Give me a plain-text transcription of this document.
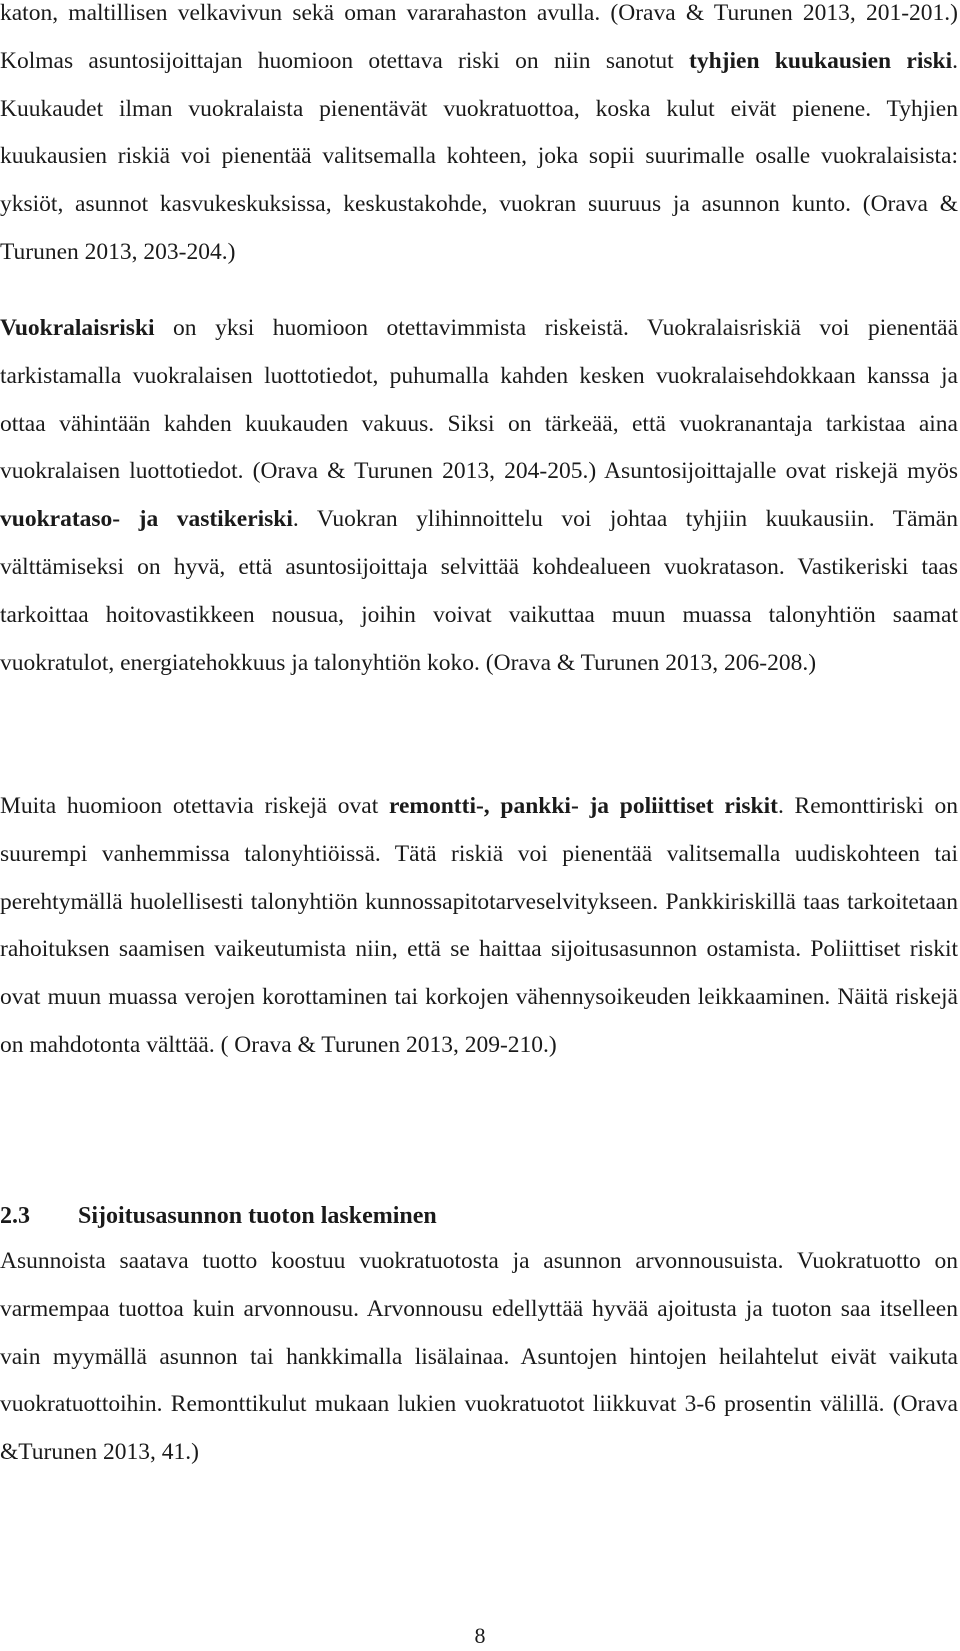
katon, maltillisen velkavivun sekä oman vararahaston avulla. (Orava & Turunen 2013, 201-201.) Kolmas asuntosijoittajan huomioon otettava riski on niin sanotut tyhjien kuukausien riski. Kuukaudet ilman vuokralaista pienentävät vuokratuottoa, koska kulut eivät pienene. Tyhjien kuukausien riskiä voi pienentää valitsemalla kohteen, joka sopii suurimalle osalle vuokralaisista: yksiöt, asunnot kasvukeskuksissa, keskustakohde, vuokran suuruus ja asunnon kunto. (Orava & Turunen 2013, 203-204.)

Vuokralaisriski on yksi huomioon otettavimmista riskeistä. Vuokralaisriskiä voi pienentää tarkistamalla vuokralaisen luottotiedot, puhumalla kahden kesken vuokralaisehdokkaan kanssa ja ottaa vähintään kahden kuukauden vakuus. Siksi on tärkeää, että vuokranantaja tarkistaa aina vuokralaisen luottotiedot. (Orava & Turunen 2013, 204-205.) Asuntosijoittajalle ovat riskejä myös vuokrataso- ja vastikeriski. Vuokran ylihinnoittelu voi johtaa tyhjiin kuukausiin. Tämän välttämiseksi on hyvä, että asuntosijoittaja selvittää kohdealueen vuokratason. Vastikeriski taas tarkoittaa hoitovastikkeen nousua, joihin voivat vaikuttaa muun muassa talonyhtiön saamat vuokratulot, energiatehokkuus ja talonyhtiön koko. (Orava & Turunen 2013, 206-208.)

Muita huomioon otettavia riskejä ovat remontti-, pankki- ja poliittiset riskit. Remonttiriski on suurempi vanhemmissa talonyhtiöissä. Tätä riskiä voi pienentää valitsemalla uudiskohteen tai perehtymällä huolellisesti talonyhtiön kunnossapitotarveselvitykseen. Pankkiriskillä taas tarkoitetaan rahoituksen saamisen vaikeutumista niin, että se haittaa sijoitusasunnon ostamista. Poliittiset riskit ovat muun muassa verojen korottaminen tai korkojen vähennysoikeuden leikkaaminen. Näitä riskejä on mahdotonta välttää. ( Orava & Turunen 2013, 209-210.)

2.3 Sijoitusasunnon tuoton laskeminen

Asunnoista saatava tuotto koostuu vuokratuotosta ja asunnon arvonnousuista. Vuokratuotto on varmempaa tuottoa kuin arvonnousu. Arvonnousu edellyttää hyvää ajoitusta ja tuoton saa itselleen vain myymällä asunnon tai hankkimalla lisälainaa. Asuntojen hintojen heilahtelut eivät vaikuta vuokratuottoihin. Remonttikulut mukaan lukien vuokratuotot liikkuvat 3-6 prosentin välillä. (Orava &Turunen 2013, 41.)

8
